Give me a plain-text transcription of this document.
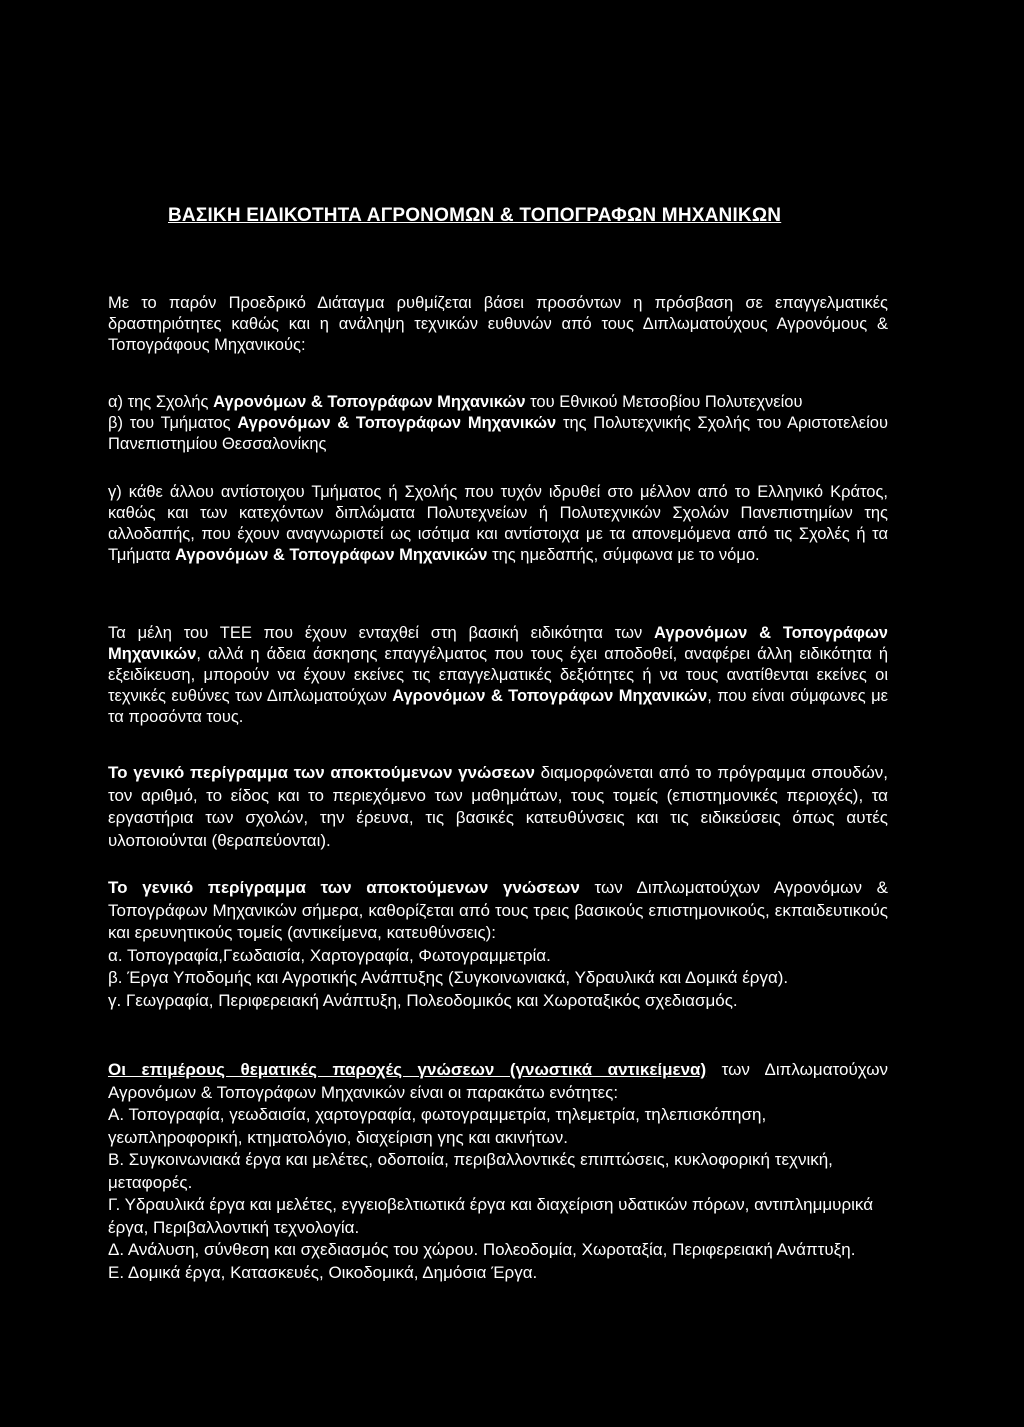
ΒΑΣΙΚΗ ΕΙΔΙΚΟΤΗΤΑ ΑΓΡΟΝΟΜΩΝ & ΤΟΠΟΓΡΑΦΩΝ ΜΗΧΑΝΙΚΩΝ

Με το παρόν Προεδρικό Διάταγμα ρυθμίζεται βάσει προσόντων η πρόσβαση σε επαγγελματικές δραστηριότητες καθώς και η ανάληψη τεχνικών ευθυνών από τους Διπλωματούχους Αγρονόμους & Τοπογράφους Μηχανικούς:

α) της Σχολής Αγρονόμων & Τοπογράφων Μηχανικών του Εθνικού Μετσοβίου Πολυτεχνείου

β) του Τμήματος Αγρονόμων & Τοπογράφων Μηχανικών της Πολυτεχνικής Σχολής του Αριστοτελείου Πανεπιστημίου Θεσσαλονίκης

γ) κάθε άλλου αντίστοιχου Τμήματος ή Σχολής που τυχόν ιδρυθεί στο μέλλον από το Ελληνικό Κράτος, καθώς και των κατεχόντων διπλώματα Πολυτεχνείων ή Πολυτεχνικών Σχολών Πανεπιστημίων της αλλοδαπής, που έχουν αναγνωριστεί ως ισότιμα και αντίστοιχα με τα απονεμόμενα από τις Σχολές ή τα Τμήματα Αγρονόμων & Τοπογράφων Μηχανικών της ημεδαπής, σύμφωνα με το νόμο.

Τα μέλη του ΤΕΕ που έχουν ενταχθεί στη βασική ειδικότητα των Αγρονόμων & Τοπογράφων Μηχανικών, αλλά η άδεια άσκησης επαγγέλματος που τους έχει αποδοθεί, αναφέρει άλλη ειδικότητα ή εξειδίκευση, μπορούν να έχουν εκείνες τις επαγγελματικές δεξιότητες ή να τους ανατίθενται εκείνες οι τεχνικές ευθύνες των Διπλωματούχων Αγρονόμων & Τοπογράφων Μηχανικών, που είναι σύμφωνες με τα προσόντα τους.

Το γενικό περίγραμμα των αποκτούμενων γνώσεων διαμορφώνεται από το πρόγραμμα σπουδών, τον αριθμό, το είδος και το περιεχόμενο των μαθημάτων, τους τομείς (επιστημονικές περιοχές), τα εργαστήρια των σχολών, την έρευνα, τις βασικές κατευθύνσεις και τις ειδικεύσεις όπως αυτές υλοποιούνται (θεραπεύονται).

Το γενικό περίγραμμα των αποκτούμενων γνώσεων των Διπλωματούχων Αγρονόμων & Τοπογράφων Μηχανικών σήμερα, καθορίζεται από τους τρεις βασικούς επιστημονικούς, εκπαιδευτικούς και ερευνητικούς τομείς (αντικείμενα, κατευθύνσεις):

α. Τοπογραφία,Γεωδαισία, Χαρτογραφία, Φωτογραμμετρία.

β. Έργα Υποδομής και Αγροτικής Ανάπτυξης (Συγκοινωνιακά, Υδραυλικά και Δομικά έργα).

γ. Γεωγραφία, Περιφερειακή Ανάπτυξη, Πολεοδομικός και Χωροταξικός σχεδιασμός.

Οι επιμέρους θεματικές παροχές γνώσεων (γνωστικά αντικείμενα) των Διπλωματούχων Αγρονόμων & Τοπογράφων Μηχανικών είναι οι παρακάτω ενότητες:

Α. Τοπογραφία, γεωδαισία, χαρτογραφία, φωτογραμμετρία, τηλεμετρία, τηλεπισκόπηση, γεωπληροφορική, κτηματολόγιο, διαχείριση γης και ακινήτων.

Β. Συγκοινωνιακά έργα και μελέτες, οδοποιία, περιβαλλοντικές επιπτώσεις, κυκλοφορική τεχνική, μεταφορές.

Γ. Υδραυλικά έργα και μελέτες, εγγειοβελτιωτικά έργα και διαχείριση υδατικών πόρων, αντιπλημμυρικά έργα, Περιβαλλοντική τεχνολογία.

Δ. Ανάλυση, σύνθεση και σχεδιασμός του χώρου. Πολεοδομία, Χωροταξία, Περιφερειακή Ανάπτυξη.

Ε. Δομικά έργα, Κατασκευές, Οικοδομικά, Δημόσια Έργα.
